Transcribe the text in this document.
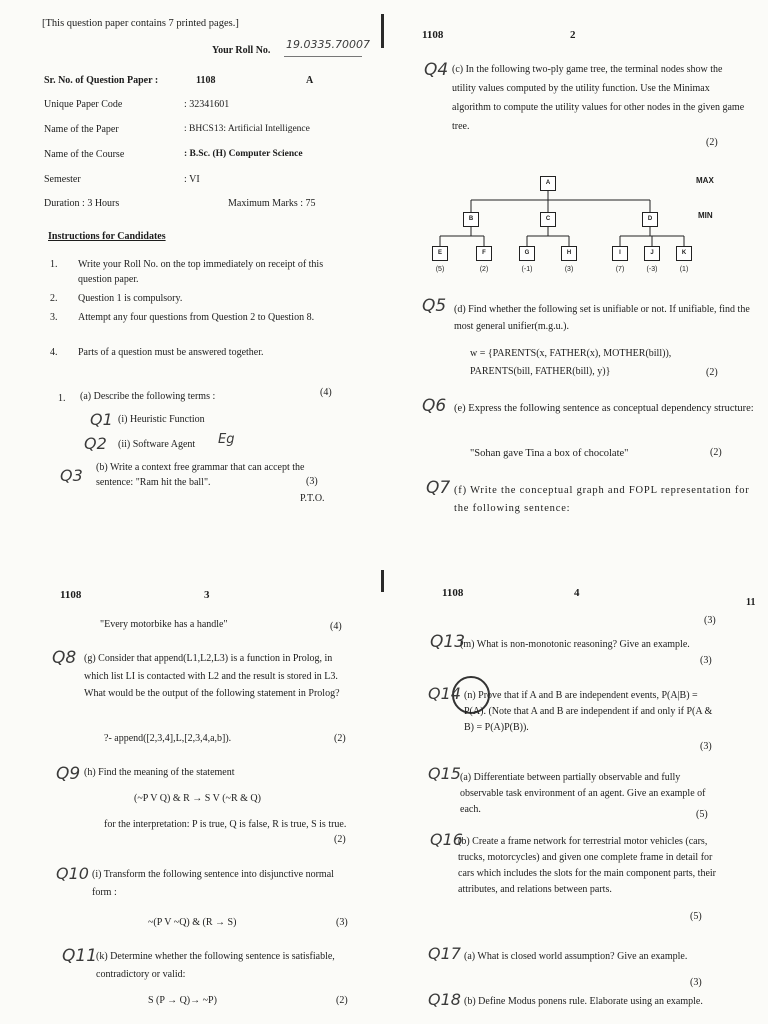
[This question paper contains 7 printed pages.]
Your Roll No. 19.0335.70007
Sr. No. of Question Paper :	1108	A
Unique Paper Code	: 32341601
Name of the Paper	: BHCS13: Artificial Intelligence
Name of the Course	: B.Sc. (H) Computer Science
Semester	: VI
Duration : 3 Hours	Maximum Marks : 75
Instructions for Candidates
1. Write your Roll No. on the top immediately on receipt of this question paper.
2. Question 1 is compulsory.
3. Attempt any four questions from Question 2 to Question 8.
4. Parts of a question must be answered together.
1. (a) Describe the following terms :	(4)
Q1 (i) Heuristic Function
Q2 (ii) Software Agent Eg
Q3 (b) Write a context free grammar that can accept the sentence: "Ram hit the ball".	(3)
P.T.O.
1108	2
Q4 (c) In the following two-ply game tree, the terminal nodes show the utility values computed by the utility function. Use the Minimax algorithm to compute the utility values for other nodes in the given game tree.
(2)
MAX
MIN
A
B	C	D
E	F	G	H	I	J	K
(5)	(2)	(-1)	(3)	(7)	(-3)	(1)
Q5 (d) Find whether the following set is unifiable or not. If unifiable, find the most general unifier(m.g.u.).
w = {PARENTS(x, FATHER(x), MOTHER(bill)),
PARENTS(bill, FATHER(bill), y)}	(2)
Q6 (e) Express the following sentence as conceptual dependency structure:
"Sohan gave Tina a box of chocolate"	(2)
Q7 (f) Write the conceptual graph and FOPL representation for the following sentence:
1108	3
"Every motorbike has a handle"	(4)
Q8 (g) Consider that append(L1,L2,L3) is a function in Prolog, in which list LI is contacted with L2 and the result is stored in L3. What would be the output of the following statement in Prolog?
?- append([2,3,4],L,[2,3,4,a,b]).	(2)
Q9 (h) Find the meaning of the statement
(~P V Q) & R → S V (~R & Q)
for the interpretation: P is true, Q is false, R is true, S is true.
(2)
Q10 (i) Transform the following sentence into disjunctive normal form :
~(P V ~Q) & (R → S)	(3)
Q11
(k) Determine whether the following sentence is satisfiable, contradictory or valid:
S (P → Q)→ ~P)	(2)
1108	4
(3)
11
Q13
(m) What is non-monotonic reasoning? Give an example.
(3)
Q14 (n) Prove that if A and B are independent events, P(A|B) = P(A). (Note that A and B are independent if and only if P(A & B) = P(A)P(B)).
(3)
Q15 (a) Differentiate between partially observable and fully observable task environment of an agent. Give an example of each.	(5)
Q16
(b) Create a frame network for terrestrial motor vehicles (cars, trucks, motorcycles) and given one complete frame in detail for cars which includes the slots for the main component parts, their attributes, and relations between parts.
(5)
Q17 (a) What is closed world assumption? Give an example.
(3)
Q18 (b) Define Modus ponens rule. Elaborate using an example.
